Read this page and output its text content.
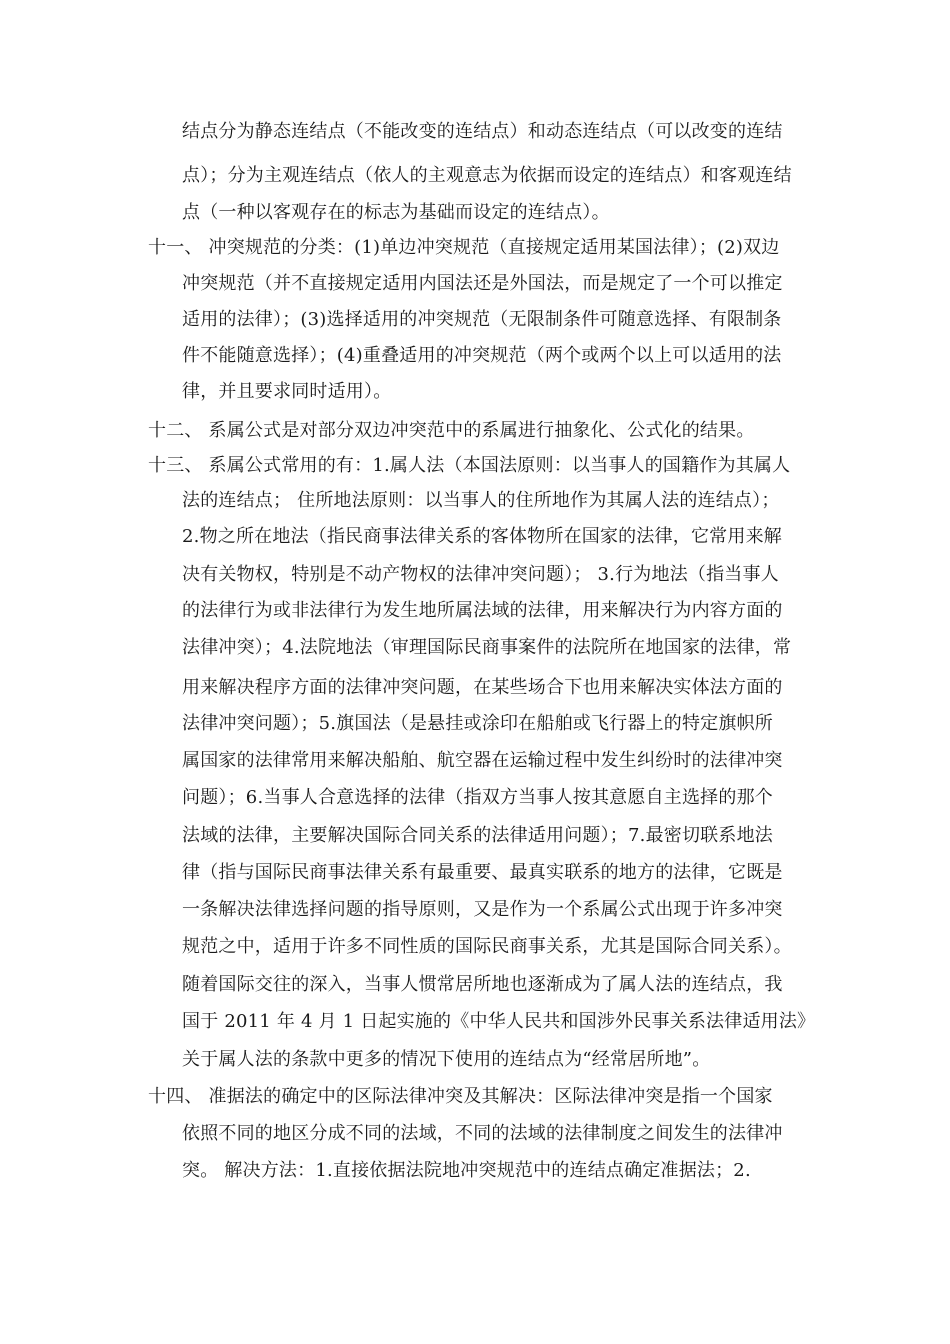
结点分为静态连结点（不能改变的连结点）和动态连结点（可以改变的连结
点）；分为主观连结点（依人的主观意志为依据而设定的连结点）和客观连结
点（一种以客观存在的标志为基础而设定的连结点）。
十一、 冲突规范的分类：(1)单边冲突规范（直接规定适用某国法律）；(2)双边
冲突规范（并不直接规定适用内国法还是外国法，而是规定了一个可以推定
适用的法律）；(3)选择适用的冲突规范（无限制条件可随意选择、有限制条
件不能随意选择）；(4)重叠适用的冲突规范（两个或两个以上可以适用的法
律，并且要求同时适用）。
十二、 系属公式是对部分双边冲突范中的系属进行抽象化、公式化的结果。
十三、 系属公式常用的有：1.属人法（本国法原则：以当事人的国籍作为其属人
法的连结点； 住所地法原则：以当事人的住所地作为其属人法的连结点）；
2.物之所在地法（指民商事法律关系的客体物所在国家的法律，它常用来解
决有关物权，特别是不动产物权的法律冲突问题）； 3.行为地法（指当事人
的法律行为或非法律行为发生地所属法域的法律，用来解决行为内容方面的
法律冲突）；4.法院地法（审理国际民商事案件的法院所在地国家的法律，常
用来解决程序方面的法律冲突问题，在某些场合下也用来解决实体法方面的
法律冲突问题）；5.旗国法（是悬挂或涂印在船舶或飞行器上的特定旗帜所
属国家的法律常用来解决船舶、航空器在运输过程中发生纠纷时的法律冲突
问题）；6.当事人合意选择的法律（指双方当事人按其意愿自主选择的那个
法域的法律，主要解决国际合同关系的法律适用问题）；7.最密切联系地法
律（指与国际民商事法律关系有最重要、最真实联系的地方的法律，它既是
一条解决法律选择问题的指导原则，又是作为一个系属公式出现于许多冲突
规范之中，适用于许多不同性质的国际民商事关系，尤其是国际合同关系）。
随着国际交往的深入，当事人惯常居所地也逐渐成为了属人法的连结点，我
国于 2011 年 4 月 1 日起实施的《中华人民共和国涉外民事关系法律适用法》
关于属人法的条款中更多的情况下使用的连结点为“经常居所地”。
十四、 准据法的确定中的区际法律冲突及其解决：区际法律冲突是指一个国家
依照不同的地区分成不同的法域，不同的法域的法律制度之间发生的法律冲
突。 解决方法：1.直接依据法院地冲突规范中的连结点确定准据法；2.
